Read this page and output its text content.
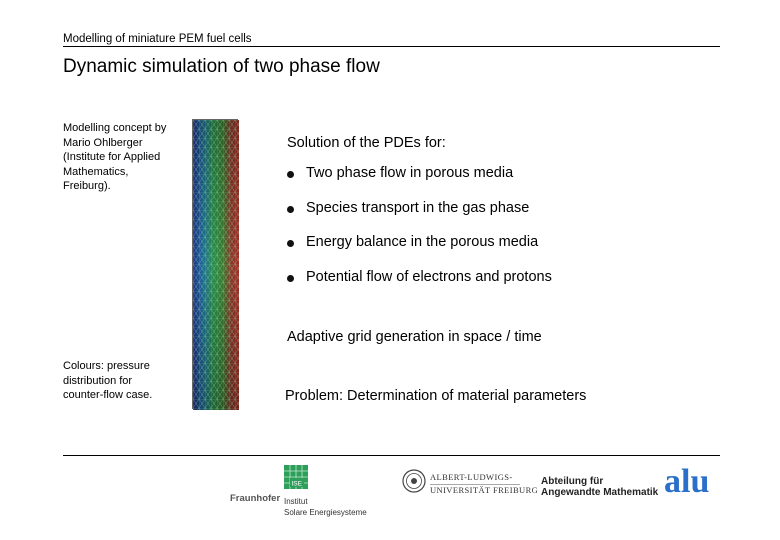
Modelling of miniature PEM fuel cells
Dynamic simulation of two phase flow
Modelling concept by
Mario Ohlberger
(Institute for Applied
Mathematics,
Freiburg).
Colours: pressure
distribution for
counter-flow case.
Solution of the PDEs for:
Two phase flow in porous media
Species transport in the gas phase
Energy balance in the porous media
Potential flow of electrons and protons
Adaptive grid generation in space / time
Problem: Determination of material parameters
ISE
Fraunhofer Institut
Solare Energiesysteme
ALBERT-LUDWIGS-
UNIVERSITÄT FREIBURG
Abteilung für
Angewandte Mathematik alu
